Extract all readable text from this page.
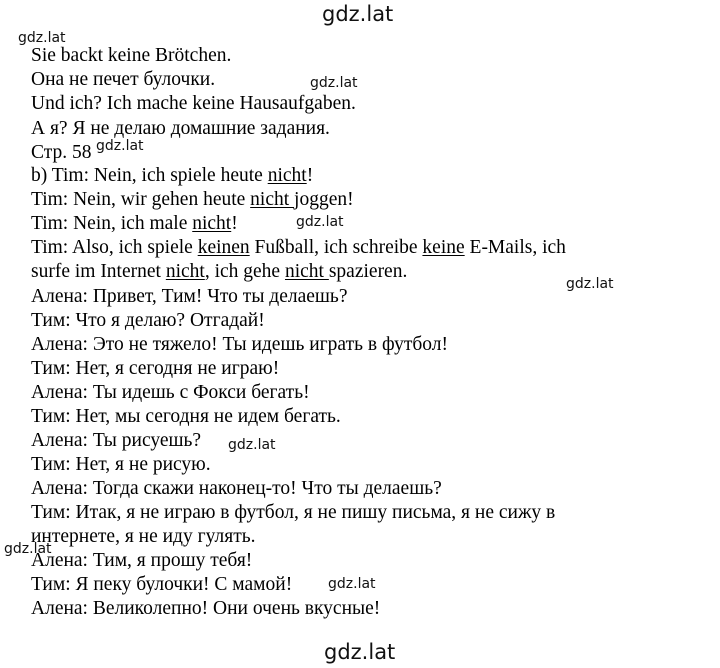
gdz.lat
gdz.lat
gdz.lat
gdz.lat
gdz.lat
gdz.lat
gdz.lat
gdz.lat
gdz.lat
gdz.lat
Sie backt keine Brötchen.
Она не печет булочки.
Und ich? Ich mache keine Hausaufgaben.
А я? Я не делаю домашние задания.
Стр. 58
b) Tim: Nein, ich spiele heute nicht!
Tim: Nein, wir gehen heute nicht joggen!
Tim: Nein, ich male nicht!
Tim: Also, ich spiele keinen Fußball, ich schreibe keine E-Mails, ich
surfe im Internet nicht, ich gehe nicht spazieren.
Алена: Привет, Тим! Что ты делаешь?
Тим: Что я делаю? Отгадай!
Алена: Это не тяжело! Ты идешь играть в футбол!
Тим: Нет, я сегодня не играю!
Алена: Ты идешь с Фокси бегать!
Тим: Нет, мы сегодня не идем бегать.
Алена: Ты рисуешь?
Тим: Нет, я не рисую.
Алена: Тогда скажи наконец-то! Что ты делаешь?
Тим: Итак, я не играю в футбол, я не пишу письма, я не сижу в
интернете, я не иду гулять.
Алена: Тим, я прошу тебя!
Тим: Я пеку булочки! С мамой!
Алена: Великолепно! Они очень вкусные!
